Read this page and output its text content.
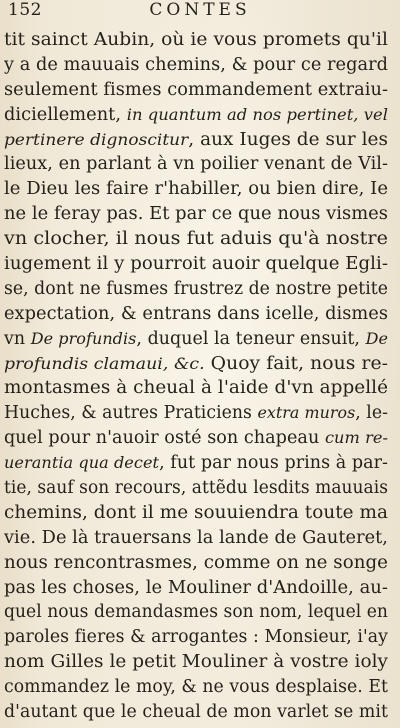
152	CONTES
tit sainct Aubin, où ie vous promets qu'il
y a de mauuais chemins, & pour ce regard
seulement fismes commandement extraiu-
diciellement, in quantum ad nos pertinet, vel
pertinere dignoscitur, aux Iuges de sur les
lieux, en parlant à vn poilier venant de Vil-
le Dieu les faire r'habiller, ou bien dire, Ie
ne le feray pas. Et par ce que nous vismes
vn clocher, il nous fut aduis qu'à nostre
iugement il y pourroit auoir quelque Egli-
se, dont ne fusmes frustrez de nostre petite
expectation, & entrans dans icelle, dismes
vn De profundis, duquel la teneur ensuit, De
profundis clamaui, &c. Quoy fait, nous re-
montasmes à cheual à l'aide d'vn appellé
Huches, & autres Praticiens extra muros, le-
quel pour n'auoir osté son chapeau cum re-
uerantia qua decet, fut par nous prins à par-
tie, sauf son recours, attẽdu lesdits mauuais
chemins, dont il me souuiendra toute ma
vie. De là trauersans la lande de Gauteret,
nous rencontrasmes, comme on ne songe
pas les choses, le Mouliner d'Andoille, au-
quel nous demandasmes son nom, lequel en
paroles fieres & arrogantes : Monsieur, i'ay
nom Gilles le petit Mouliner à vostre ioly
commandez le moy, & ne vous desplaise. Et
d'autant que le cheual de mon varlet se mit
